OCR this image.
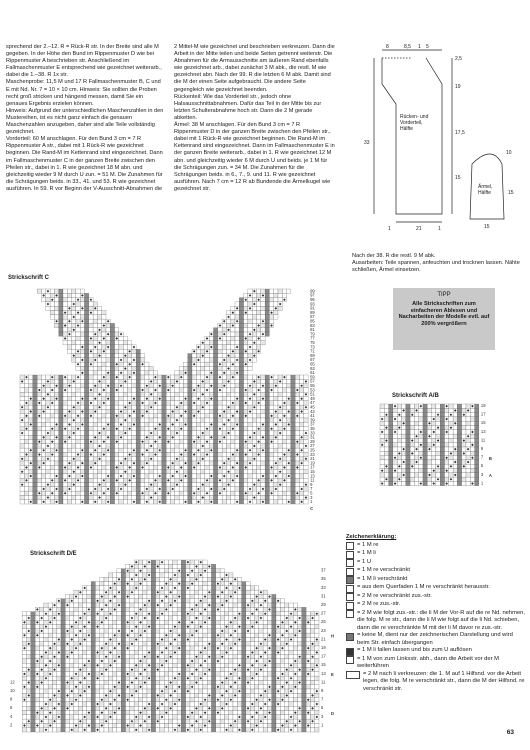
sprechend der 2.–12. R = Rück-R str. In der Breite sind alle M gegeben. In der Höhe den Bund im Rippenmuster D wie bei Rippenmuster A beschrieben str. Anschließend im Fallmaschenmuster E entsprechend wie gezeichnet weiterarb., dabei die 1.–38. R 1x str.

Maschenprobe: 11,5 M und 17 R Fallmaschenmuster B, C und E mit Nd. Nr. 7 = 10 × 10 cm. Hinweis: Sie sollten die Proben recht groß stricken und hängend messen, damit Sie ein genaues Ergebnis erzielen können.

Hinweis: Aufgrund der unterschiedlichen Maschenzahlen in den Mustereihen, ist es nicht ganz einfach die genauen Maschenzahlen anzugeben, daher sind alle Teile vollständig gezeichnet.

Vorderteil: 60 M anschlagen. Für den Bund 3 cm = 7 R Rippenmuster A str., dabei mit 1 Rück-R wie gezeichnet beginnen. Die Rand-M im Kettenrand sind eingezeichnet. Dann im Fallmaschenmuster C in der ganzen Breite zwischen den Pfeilen str., dabei in 1. R wie gezeichnet 18 M abn. und gleichzeitig wieder 9 M durch U zun. = 51 M. Die Zunahmen für die Schrägungen beids. in 33., 41. und 53. R wie gezeichnet ausführen. In 59. R vor Beginn der V-Ausschnitt-Abnahmen die

2 Mittel-M wie gezeichnet und beschrieben verkreuzen. Dann die Arbeit in der Mitte teilen und beide Seiten getrennt weiterstr. Die Abnahmen für die Armausschnitte am äußeren Rand ebenfalls wie gezeichnet arb., dabei zunächst 3 M abk., die restl. M wie gezeichnet abn. Nach der 99. R die letzten 6 M abk. Damit sind die M der einen Seite aufgebraucht. Die andere Seite gegengleich wie gezeichnet beenden.

Rückenteil: Wie das Vorderteil str., jedoch ohne Halsausschnittabnahmen. Dafür das Teil in der Mitte bis zur letzten Schulterabnahme hoch str. Dann die 2 M gerade abketten.

Ärmel: 38 M anschlagen. Für den Bund 3 cm = 7 R Rippenmuster D in der ganzen Breite zwischen den Pfeilen str., dabei mit 1 Rück-R wie gezeichnet beginnen. Die Rand-M im Kettenrand sind eingezeichnet. Dann im Fallmaschenmuster E in der ganzen Breite weiterarb., dabei in 1. R wie gezeichnet 12 M abn. und gleichzeitig wieder 6 M durch U und beids. je 1 M für die Schrägungen zun. = 34 M. Die Zunahmen für die Schrägungen beids. in 6., 7., 9. und 11. R wie gezeichnet ausführen. Nach 7 cm = 12 R ab Bundende die Ärmelkugel wie gezeichnet str.

8	8,5 1 5
2,5
19
17,5
15
33
1	21	1
Rücken- und
Vorderteil,
Hälfte
Ärmel,
Hälfte
10
15
15

Nach der 38. R die restl. 9 M abk.

Ausarbeiten: Teile spannen, anfeuchten und trocknen lassen. Nähte schließen, Ärmel einsetzen.

Strickschrift C
99
97
95
93
91
89
87
85
83
81
79
77
75
73
71
69
67
65
63
61
59
57
55
53
51
49
47
45
43
41
39
37
35
33
31
29
27
25
23
21
19
17
15
13
11
9
7
5
3
1
C
Strickschrift D/E
12
10
8
6
4
2
37
35
33
31
29
27
25
23
21
19
17
15
13
11
9
7
5
3
1
H
E
D
Strickschrift A/B
19
17
15
13
11
9
7
5
3
1
B
A
TIPP
Alle Strickschriften zum einfacheren Ablesen und Nacharbeiten der Modelle evtl. auf 200% vergrößern
Zeichenerklärung:
= 1 M re
= 1 M li
= 1 U
= 1 M re verschränkt
= 1 M li verschränkt
= aus dem Querfaden 1 M re verschränkt herausstr.
= 2 M re verschränkt zus.-str.
= 2 M re zus.-str.
= 2 M wie folgt zus.-str.: die li M der Vor-R auf die re Nd. nehmen, die folg. M re str., dann die li M wie folgt auf die li Nd. schieben, dann die re verschränkte M mit der li M davor re zus.-str.
= keine M, dient nur der zeichnerischen Darstellung und wird beim Str. einfach übergangen
= 1 M li fallen lassen und bis zum U auflösen
= 1 M von zum Linksstr. abh., dann die Arbeit vor der M weiterführen
= 2 M nach li verkreuzen: die 1. M auf 1 Hilfsnd. vor die Arbeit legen, die folg. M re verschränkt str., dann die M der Hilfsnd. re verschränkt str.
63
